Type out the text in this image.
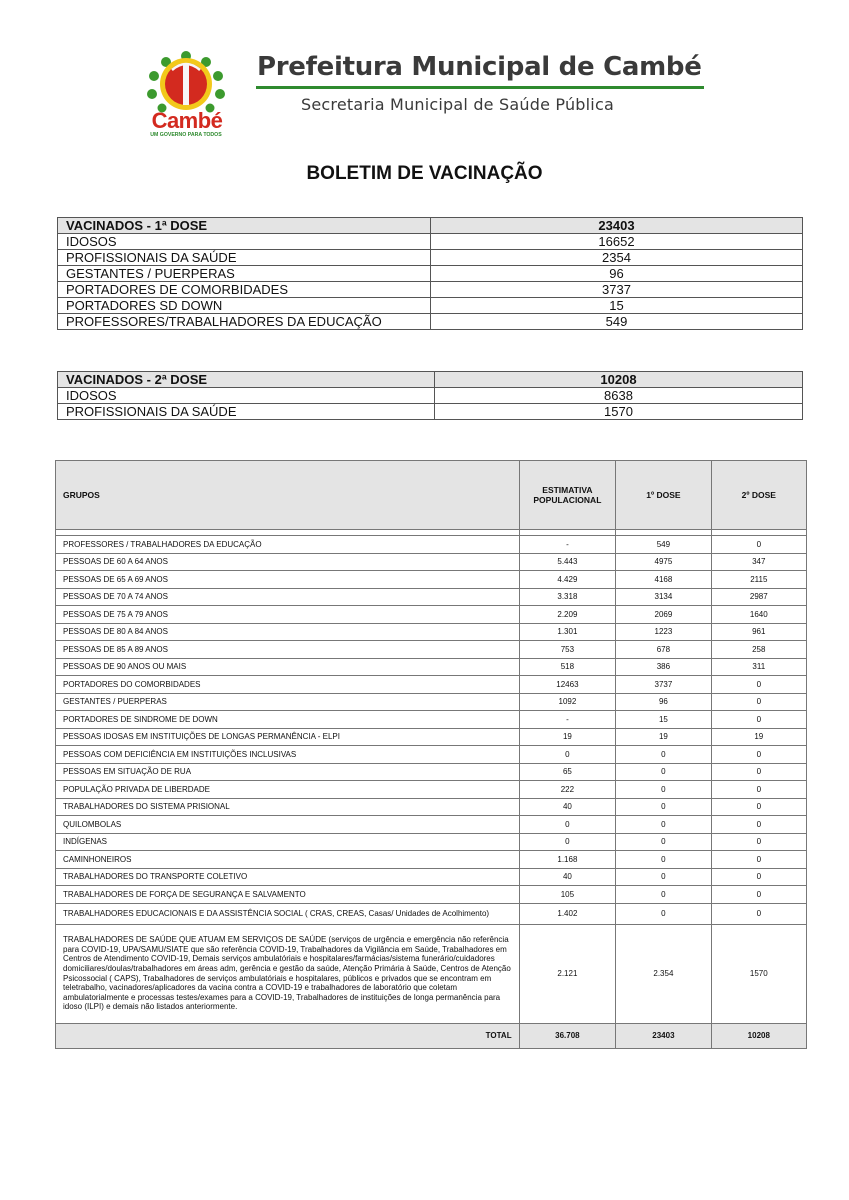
Cambé
UM GOVERNO PARA TODOS
Prefeitura Municipal de Cambé
Secretaria Municipal de Saúde Pública
BOLETIM DE VACINAÇÃO
VACINADOS - 1ª DOSE	23403
IDOSOS	16652
PROFISSIONAIS DA SAÚDE	2354
GESTANTES / PUERPERAS	96
PORTADORES DE COMORBIDADES	3737
PORTADORES SD DOWN	15
PROFESSORES/TRABALHADORES DA EDUCAÇÃO	549
VACINADOS - 2ª DOSE	10208
IDOSOS	8638
PROFISSIONAIS DA SAÚDE	1570
GRUPOS	ESTIMATIVA POPULACIONAL	1º DOSE	2º DOSE

PROFESSORES / TRABALHADORES DA EDUCAÇÃO	-	549	0
PESSOAS DE 60 A 64 ANOS	5.443	4975	347
PESSOAS DE 65 A 69 ANOS	4.429	4168	2115
PESSOAS DE 70 A 74 ANOS	3.318	3134	2987
PESSOAS DE 75 A 79 ANOS	2.209	2069	1640
PESSOAS DE 80 A 84 ANOS	1.301	1223	961
PESSOAS DE 85 A 89 ANOS	753	678	258
PESSOAS DE 90 ANOS OU MAIS	518	386	311
PORTADORES DO COMORBIDADES	12463	3737	0
GESTANTES / PUERPERAS	1092	96	0
PORTADORES DE SINDROME DE DOWN	-	15	0
PESSOAS IDOSAS EM INSTITUIÇÕES DE LONGAS PERMANÊNCIA - ELPI	19	19	19
PESSOAS COM DEFICIÊNCIA EM INSTITUIÇÕES INCLUSIVAS	0	0	0
PESSOAS EM SITUAÇÃO DE RUA	65	0	0
POPULAÇÃO PRIVADA DE LIBERDADE	222	0	0
TRABALHADORES DO SISTEMA PRISIONAL	40	0	0
QUILOMBOLAS	0	0	0
INDÍGENAS	0	0	0
CAMINHONEIROS	1.168	0	0
TRABALHADORES DO TRANSPORTE COLETIVO	40	0	0
TRABALHADORES DE FORÇA DE SEGURANÇA E SALVAMENTO	105	0	0
TRABALHADORES EDUCACIONAIS E DA ASSISTÊNCIA SOCIAL ( CRAS, CREAS, Casas/ Unidades de Acolhimento)	1.402	0	0
TRABALHADORES DE SAÚDE QUE ATUAM EM SERVIÇOS DE SAÚDE (serviços de urgência e emergência não referência para COVID-19, UPA/SAMU/SIATE que são referência COVID-19, Trabalhadores da Vigilância em Saúde, Trabalhadores em Centros de Atendimento COVID-19, Demais serviços ambulatóriais e hospitalares/farmácias/sistema funerário/cuidadores domiciliares/doulas/trabalhadores em áreas adm, gerência e gestão da saúde, Atenção Primária à Saúde, Centros de Atenção Psicossocial ( CAPS), Trabalhadores de serviços ambulatóriais e hospitalares, públicos e privados que se encontram em teletrabalho, vacinadores/aplicadores da vacina contra a COVID-19 e trabalhadores de laboratório que coletam ambulatorialmente e processas testes/exames para a COVID-19, Trabalhadores de instituições de longa permanência para idoso (ILPI) e demais não listados anteriormente.	2.121	2.354	1570
TOTAL	36.708	23403	10208
